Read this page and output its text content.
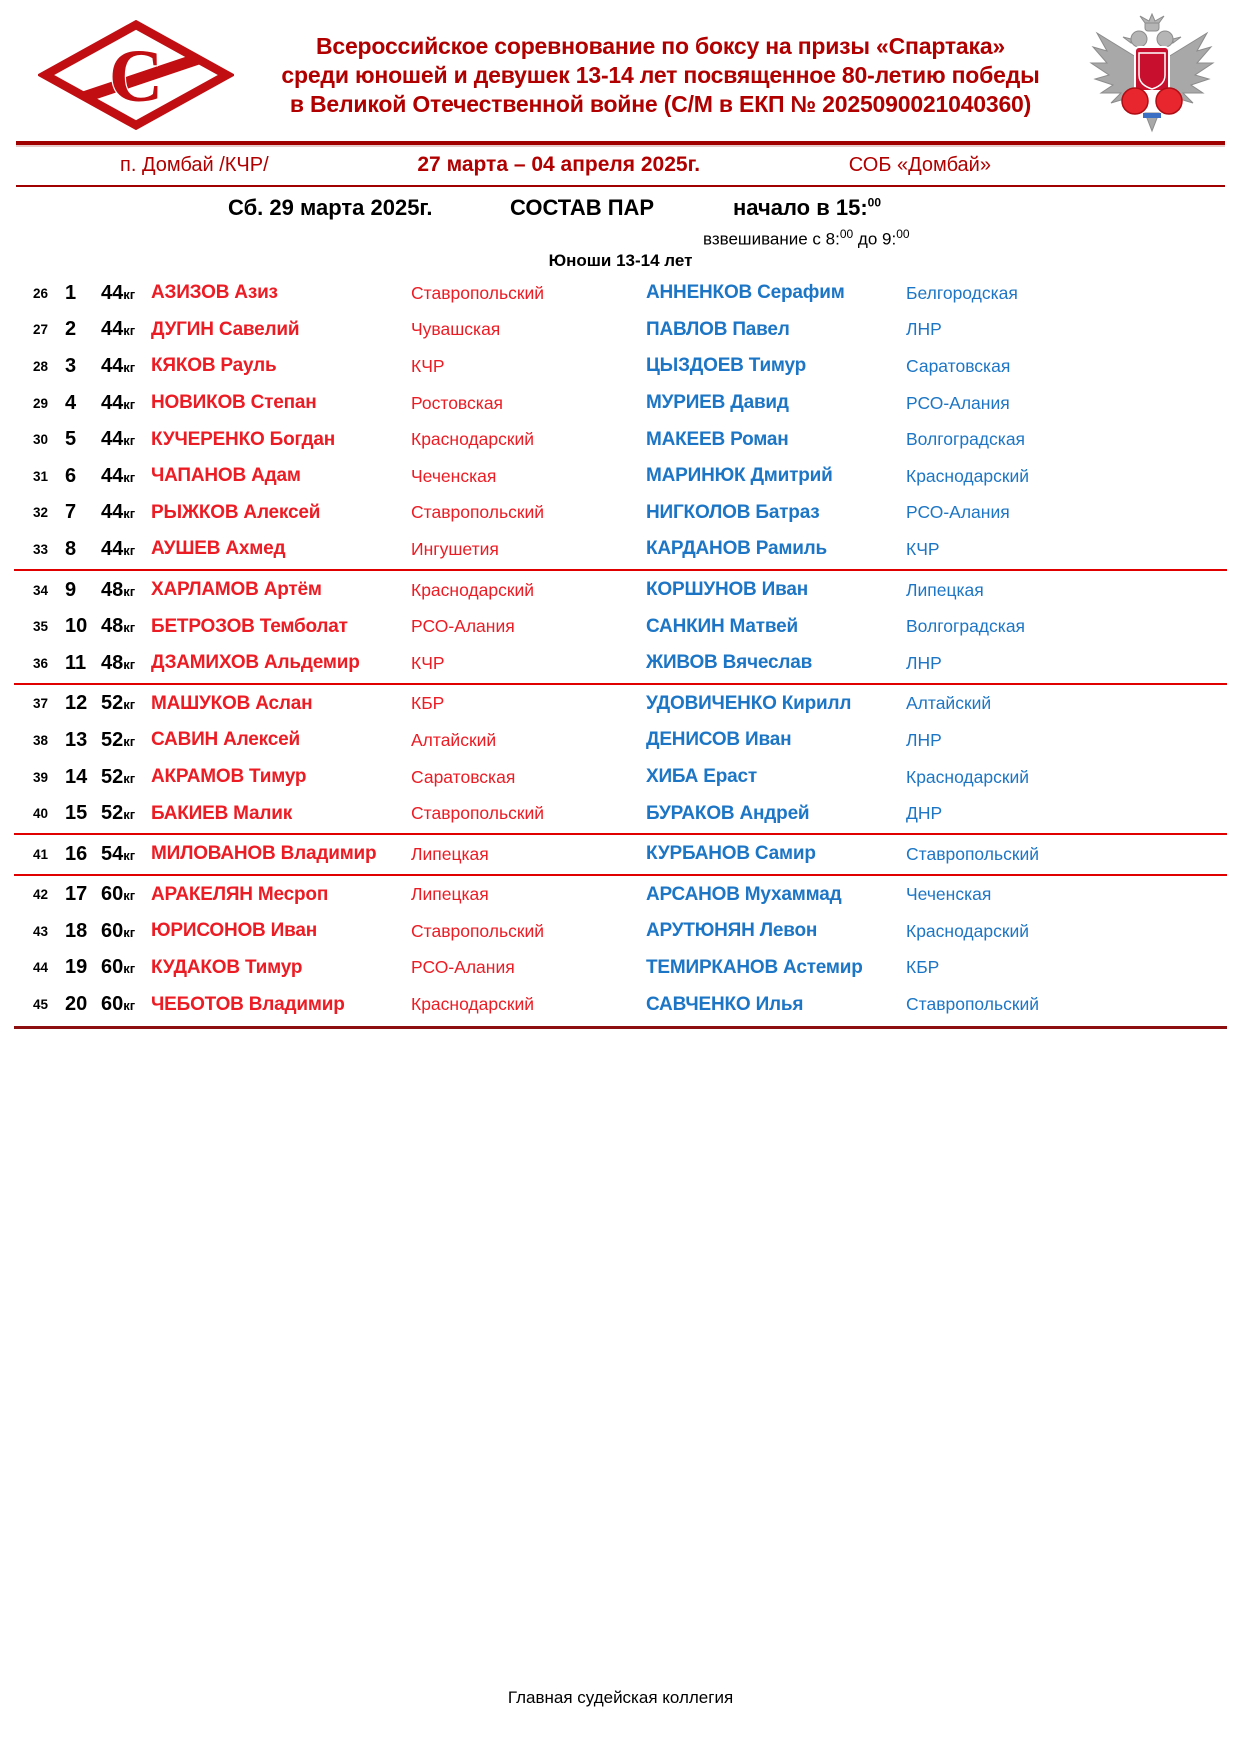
С	Всероссийское соревнование по боксу на призы «Спартака»
среди юношей и девушек 13-14 лет посвященное 80-летию победы
в Великой Отечественной войне (С/М в ЕКП № 2025090021040360)
п. Домбай /КЧР/	27 марта – 04 апреля 2025г.	СОБ «Домбай»
Сб. 29 марта 2025г.	СОСТАВ ПАР	начало в 15:$^{00}$
взвешивание с 8:$^{00}$ до 9:$^{00}$
Юноши 13-14 лет
26 1	44кг АЗИЗОВ Азиз	Ставропольский	АННЕНКОВ Серафим	Белгородская
27 2	44кг ДУГИН Савелий	Чувашская	ПАВЛОВ Павел	ЛНР
28 3	44кг КЯКОВ Рауль	КЧР	ЦЫЗДОЕВ Тимур	Саратовская
29 4	44кг НОВИКОВ Степан	Ростовская	МУРИЕВ Давид	РСО-Алания
30 5	44кг КУЧЕРЕНКО Богдан	Краснодарский	МАКЕЕВ Роман	Волгоградская
31 6	44кг ЧАПАНОВ Адам	Чеченская	МАРИНЮК Дмитрий	Краснодарский
32 7	44кг РЫЖКОВ Алексей	Ставропольский	НИГКОЛОВ Батраз	РСО-Алания
33 8	44кг АУШЕВ Ахмед	Ингушетия	КАРДАНОВ Рамиль	КЧР
34 9	48кг ХАРЛАМОВ Артём	Краснодарский	КОРШУНОВ Иван	Липецкая
35 10 48кг БЕТРОЗОВ Темболат	РСО-Алания	САНКИН Матвей	Волгоградская
36 11 48кг ДЗАМИХОВ Альдемир	КЧР	ЖИВОВ Вячеслав	ЛНР
37 12 52кг МАШУКОВ Аслан	КБР	УДОВИЧЕНКО Кирилл	Алтайский
38 13 52кг САВИН Алексей	Алтайский	ДЕНИСОВ Иван	ЛНР
39 14 52кг АКРАМОВ Тимур	Саратовская	ХИБА Ераст	Краснодарский
40 15 52кг БАКИЕВ Малик	Ставропольский	БУРАКОВ Андрей	ДНР
41 16 54кг МИЛОВАНОВ Владимир	Липецкая	КУРБАНОВ Самир	Ставропольский
42 17 60кг АРАКЕЛЯН Месроп	Липецкая	АРСАНОВ Мухаммад	Чеченская
43 18 60кг ЮРИСОНОВ Иван	Ставропольский	АРУТЮНЯН Левон	Краснодарский
44 19 60кг КУДАКОВ Тимур	РСО-Алания	ТЕМИРКАНОВ Астемир	КБР
45 20 60кг ЧЕБОТОВ Владимир	Краснодарский	САВЧЕНКО Илья	Ставропольский
Главная судейская коллегия
